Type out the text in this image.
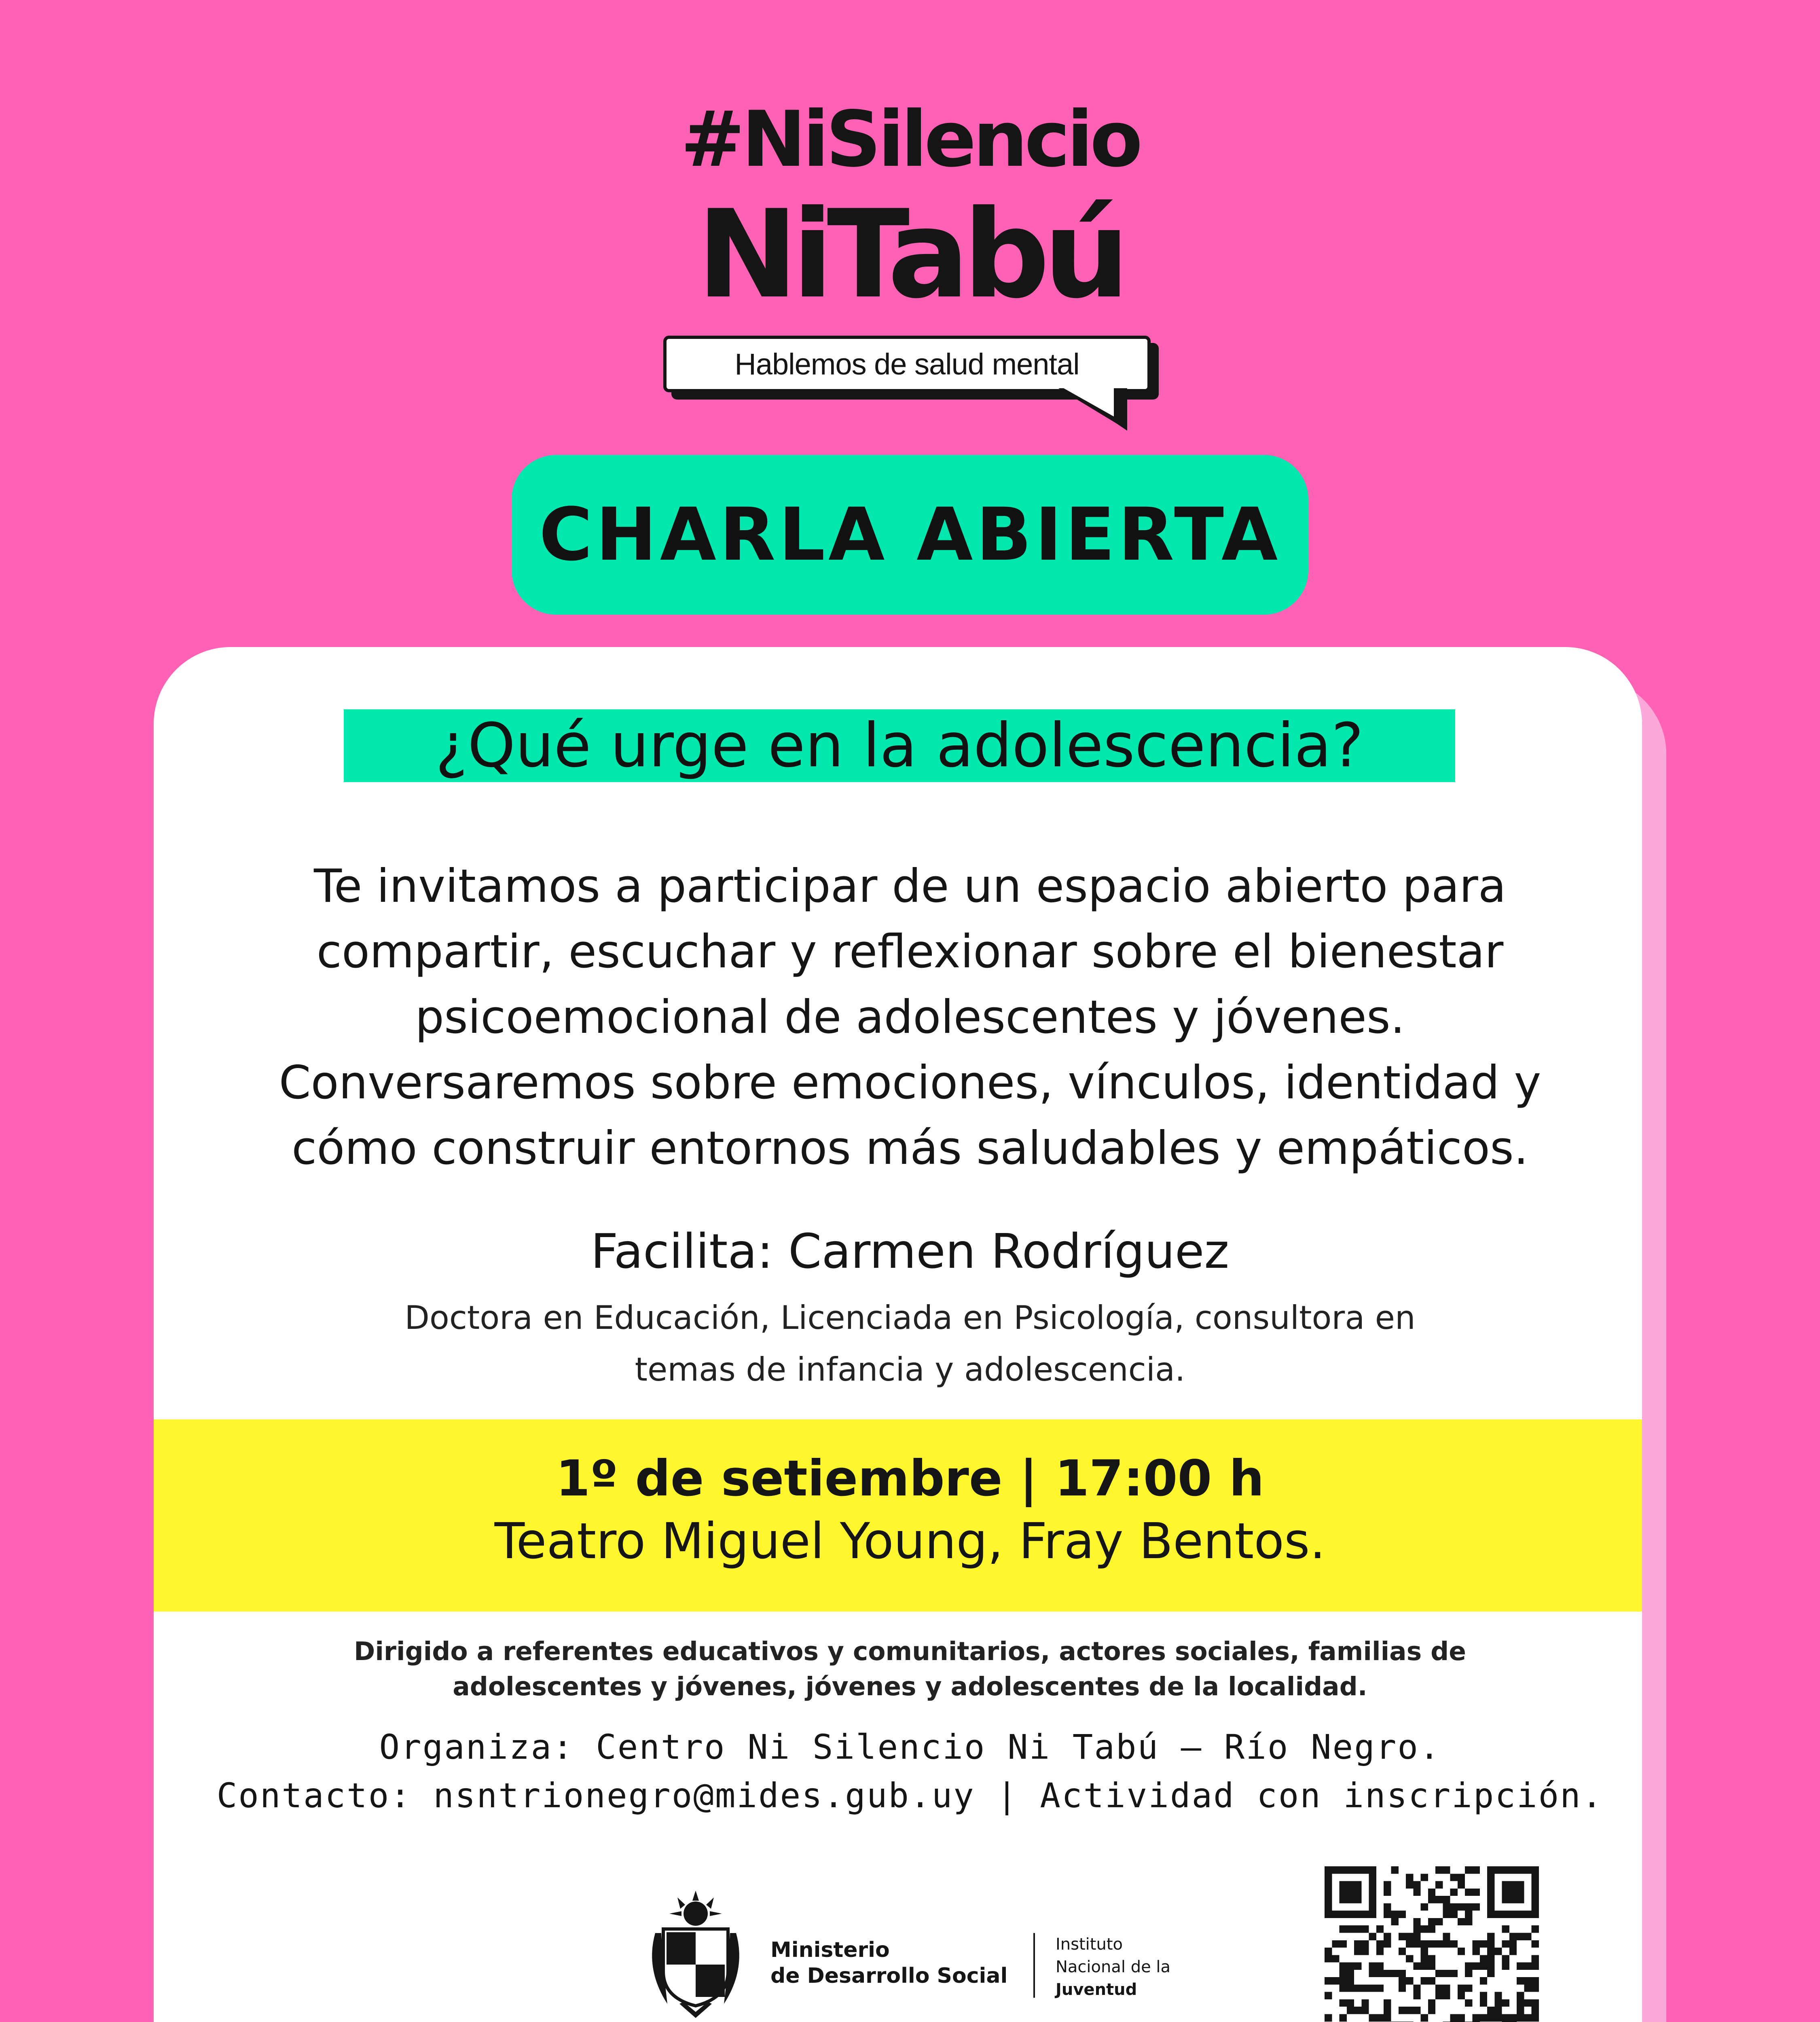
#NiSilencio
NiTabú
Hablemos de salud mental
CHARLA ABIERTA
¿Qué urge en la adolescencia?

Te invitamos a participar de un espacio abierto para

compartir, escuchar y reflexionar sobre el bienestar

psicoemocional de adolescentes y jóvenes.

Conversaremos sobre emociones, vínculos, identidad y

cómo construir entornos más saludables y empáticos.

Facilita: Carmen Rodríguez

Doctora en Educación, Licenciada en Psicología, consultora en

temas de infancia y adolescencia.

1º de setiembre | 17:00 h
Teatro Miguel Young, Fray Bentos.

Dirigido a referentes educativos y comunitarios, actores sociales, familias de

adolescentes y jóvenes, jóvenes y adolescentes de la localidad.

Organiza: Centro Ni Silencio Ni Tabú – Río Negro.

Contacto: nsntrionegro@mides.gub.uy | Actividad con inscripción.

Ministerio

de Desarrollo Social

Instituto

Nacional de la

Juventud
